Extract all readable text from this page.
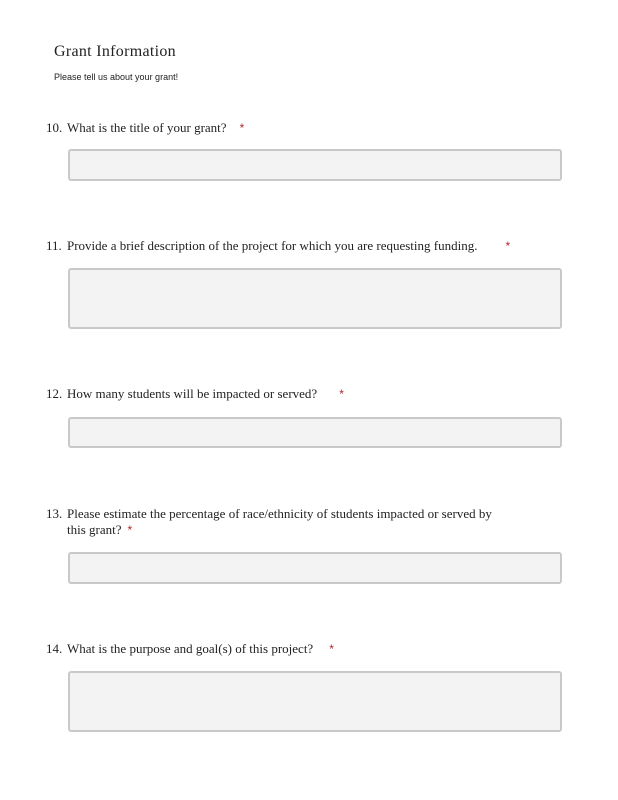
Grant Information

Please tell us about your grant!

10. What is the title of your grant? *
11. Provide a brief description of the project for which you are requesting funding. *
12. How many students will be impacted or served? *
13. Please estimate the percentage of race/ethnicity of students impacted or served by
this grant? *
14. What is the purpose and goal(s) of this project? *
